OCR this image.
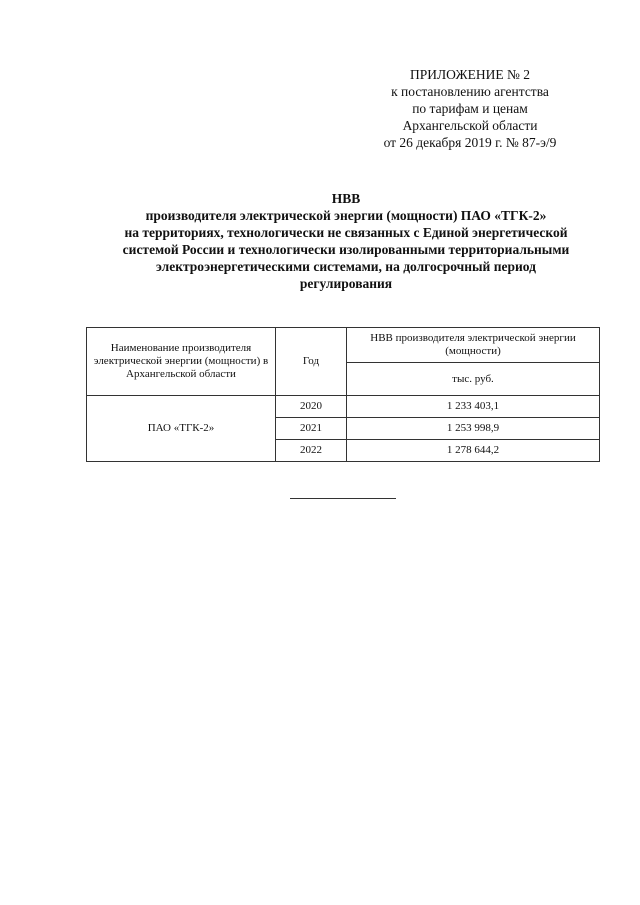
ПРИЛОЖЕНИЕ № 2
к постановлению агентства
по тарифам и ценам
Архангельской области
от 26 декабря 2019 г. № 87-э/9
НВВ
производителя электрической энергии (мощности) ПАО «ТГК-2»
на территориях, технологически не связанных с Единой энергетической
системой России и технологически изолированными территориальными
электроэнергетическими системами, на долгосрочный период
регулирования
Наименование производителя электрической энергии (мощности) в Архангельской области	Год	НВВ производителя электрической энергии (мощности)
		тыс. руб.
ПАО «ТГК-2»	2020	1 233 403,1
	2021	1 253 998,9
	2022	1 278 644,2
